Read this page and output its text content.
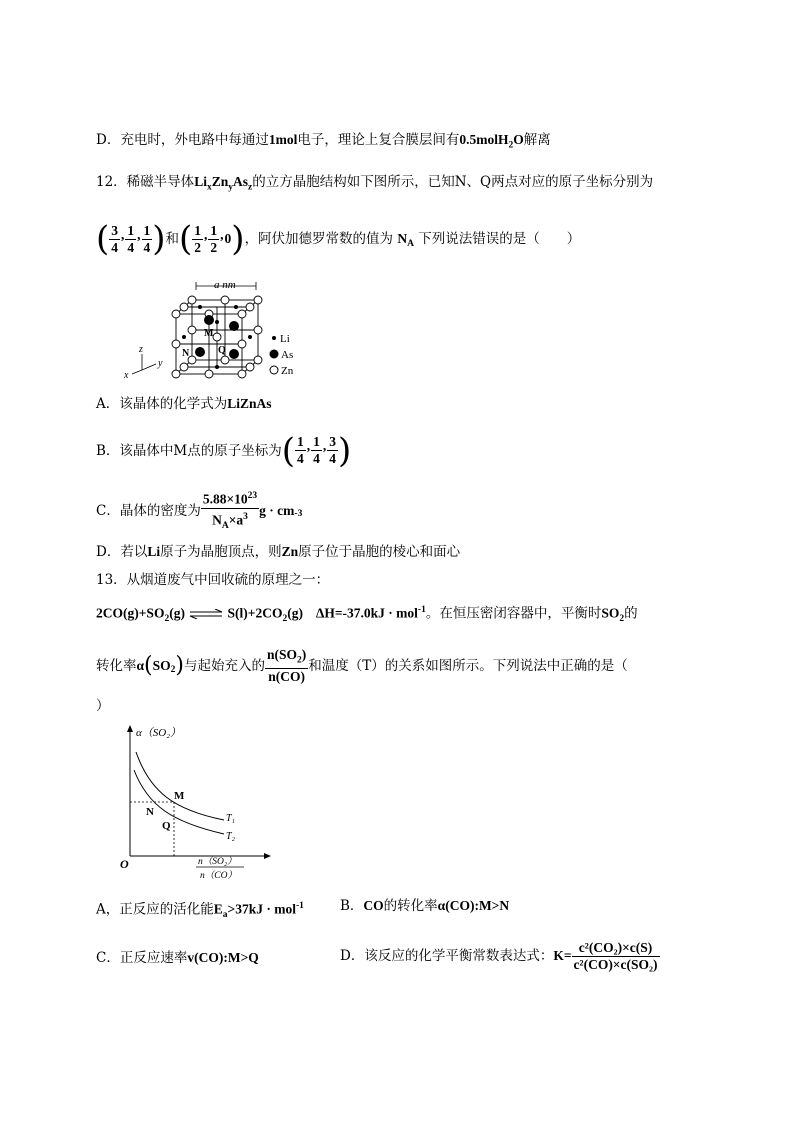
D．充电时，外电路中每通过1mol电子，理论上复合膜层间有0.5molH$_2$O解离
12．稀磁半导体$Li_xZn_yAs_z$的立方晶胞结构如下图所示，已知N、Q两点对应的原子坐标分别为
( $\frac{3}{4}$ , $\frac{1}{4}$ , $\frac{1}{4}$ ) 和 ( $\frac{1}{2}$ , $\frac{1}{2}$ , 0 ) ，阿伏加德罗常数的值为
$N_A$
下列说法错误的是（　　）
a nm
M
N	Q
z
y
x
Li
As
Zn
A．该晶体的化学式为LiZnAs
B．该晶体中M点的原子坐标为 ( $\frac{1}{4}$ , $\frac{1}{4}$ , $\frac{3}{4}$ )
C．晶体的密度为 $\frac{5.88\times 10^{23}}{N_A\times a^3}$ $g \cdot cm_{-3}$
D．若以Li原子为晶胞顶点，则Zn原子位于晶胞的棱心和面心
13．从烟道废气中回收硫的原理之一：
$2CO(g)+SO_2(g)$ ⇌ $S(l)+2CO_2(g) \Delta H=-37.0kJ \cdot mol^{-1}$。在恒压密闭容器中，平衡时$SO_2$的
转化率 α ( $SO_2$ ) 与起始充入的 $\frac{n(SO_2)}{n(CO)}$ 和温度（T）的关系如图所示。下列说法中正确的是（
）
α（SO₂）
O
T₁
T₂
M
N
Q
n（SO₂）
n（CO）
A，正反应的活化能$E_a>37kJ \cdot mol^{-1}$	B．CO的转化率α(CO):M>N
C．正反应速率v(CO):M>Q	D．该反应的化学平衡常数表达式： $K= \frac{\text{c²(CO₂)×c(S)}}{\text{c²(CO)×c(SO₂)}}$
